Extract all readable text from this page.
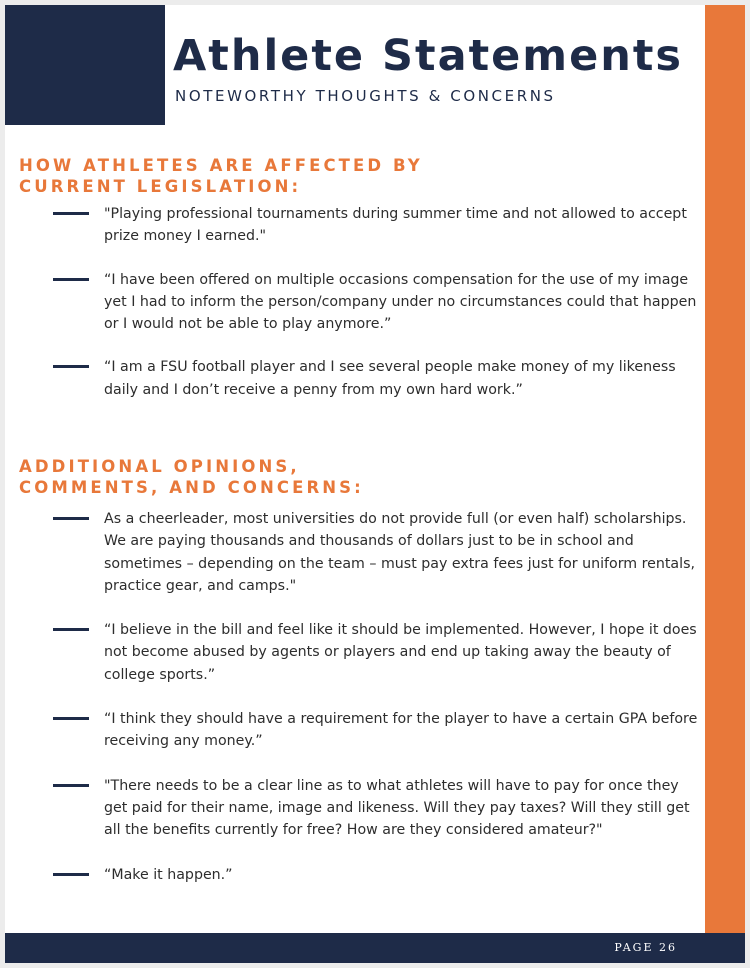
Athlete Statements
NOTEWORTHY THOUGHTS & CONCERNS
HOW ATHLETES ARE AFFECTED BY
CURRENT LEGISLATION:
"Playing professional tournaments during summer time and not allowed to accept prize money I earned."
“I have been offered on multiple occasions compensation for the use of my image yet I had to inform the person/company under no circumstances could that happen or I would not be able to play anymore.”
“I am a FSU football player and I see several people make money of my likeness daily and I don’t receive a penny from my own hard work.”
ADDITIONAL OPINIONS,
COMMENTS, AND CONCERNS:
As a cheerleader, most universities do not provide full (or even half) scholarships. We are paying thousands and thousands of dollars just to be in school and sometimes – depending on the team – must pay extra fees just for uniform rentals, practice gear, and camps."
“I believe in the bill and feel like it should be implemented. However, I hope it does not become abused by agents or players and end up taking away the beauty of college sports.”
“I think they should have a requirement for the player to have a certain GPA before receiving any money.”
"There needs to be a clear line as to what athletes will have to pay for once they get paid for their name, image and likeness. Will they pay taxes? Will they still get all the benefits currently for free? How are they considered amateur?"
“Make it happen.”
PAGE 26
